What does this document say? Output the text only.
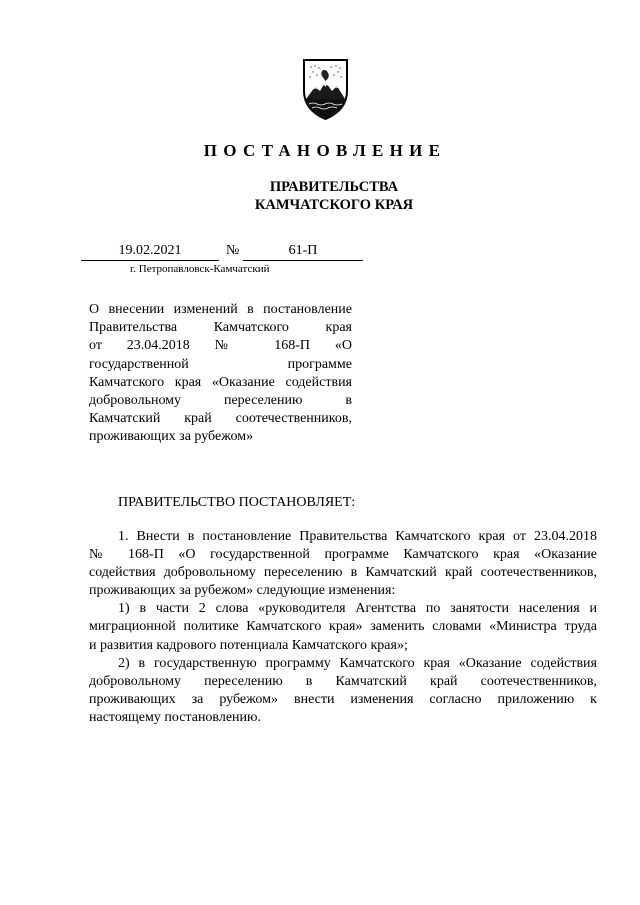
ПОСТАНОВЛЕНИЕ
ПРАВИТЕЛЬСТВА
КАМЧАТСКОГО КРАЯ
19.02.2021	№	61-П
г. Петропавловск-Камчатский
О внесении изменений в постановление
Правительства Камчатского края
от 23.04.2018 № 168-П «О
государственной программе
Камчатского края «Оказание содействия
добровольному переселению в
Камчатский край соотечественников,
проживающих за рубежом»
ПРАВИТЕЛЬСТВО ПОСТАНОВЛЯЕТ:
1. Внести в постановление Правительства Камчатского края от 23.04.2018
№ 168-П «О государственной программе Камчатского края «Оказание
содействия добровольному переселению в Камчатский край соотечественников,
проживающих за рубежом» следующие изменения:
1) в части 2 слова «руководителя Агентства по занятости населения и
миграционной политике Камчатского края» заменить словами «Министра труда
и развития кадрового потенциала Камчатского края»;
2) в государственную программу Камчатского края «Оказание содействия
добровольному переселению в Камчатский край соотечественников,
проживающих за рубежом» внести изменения согласно приложению к
настоящему постановлению.
